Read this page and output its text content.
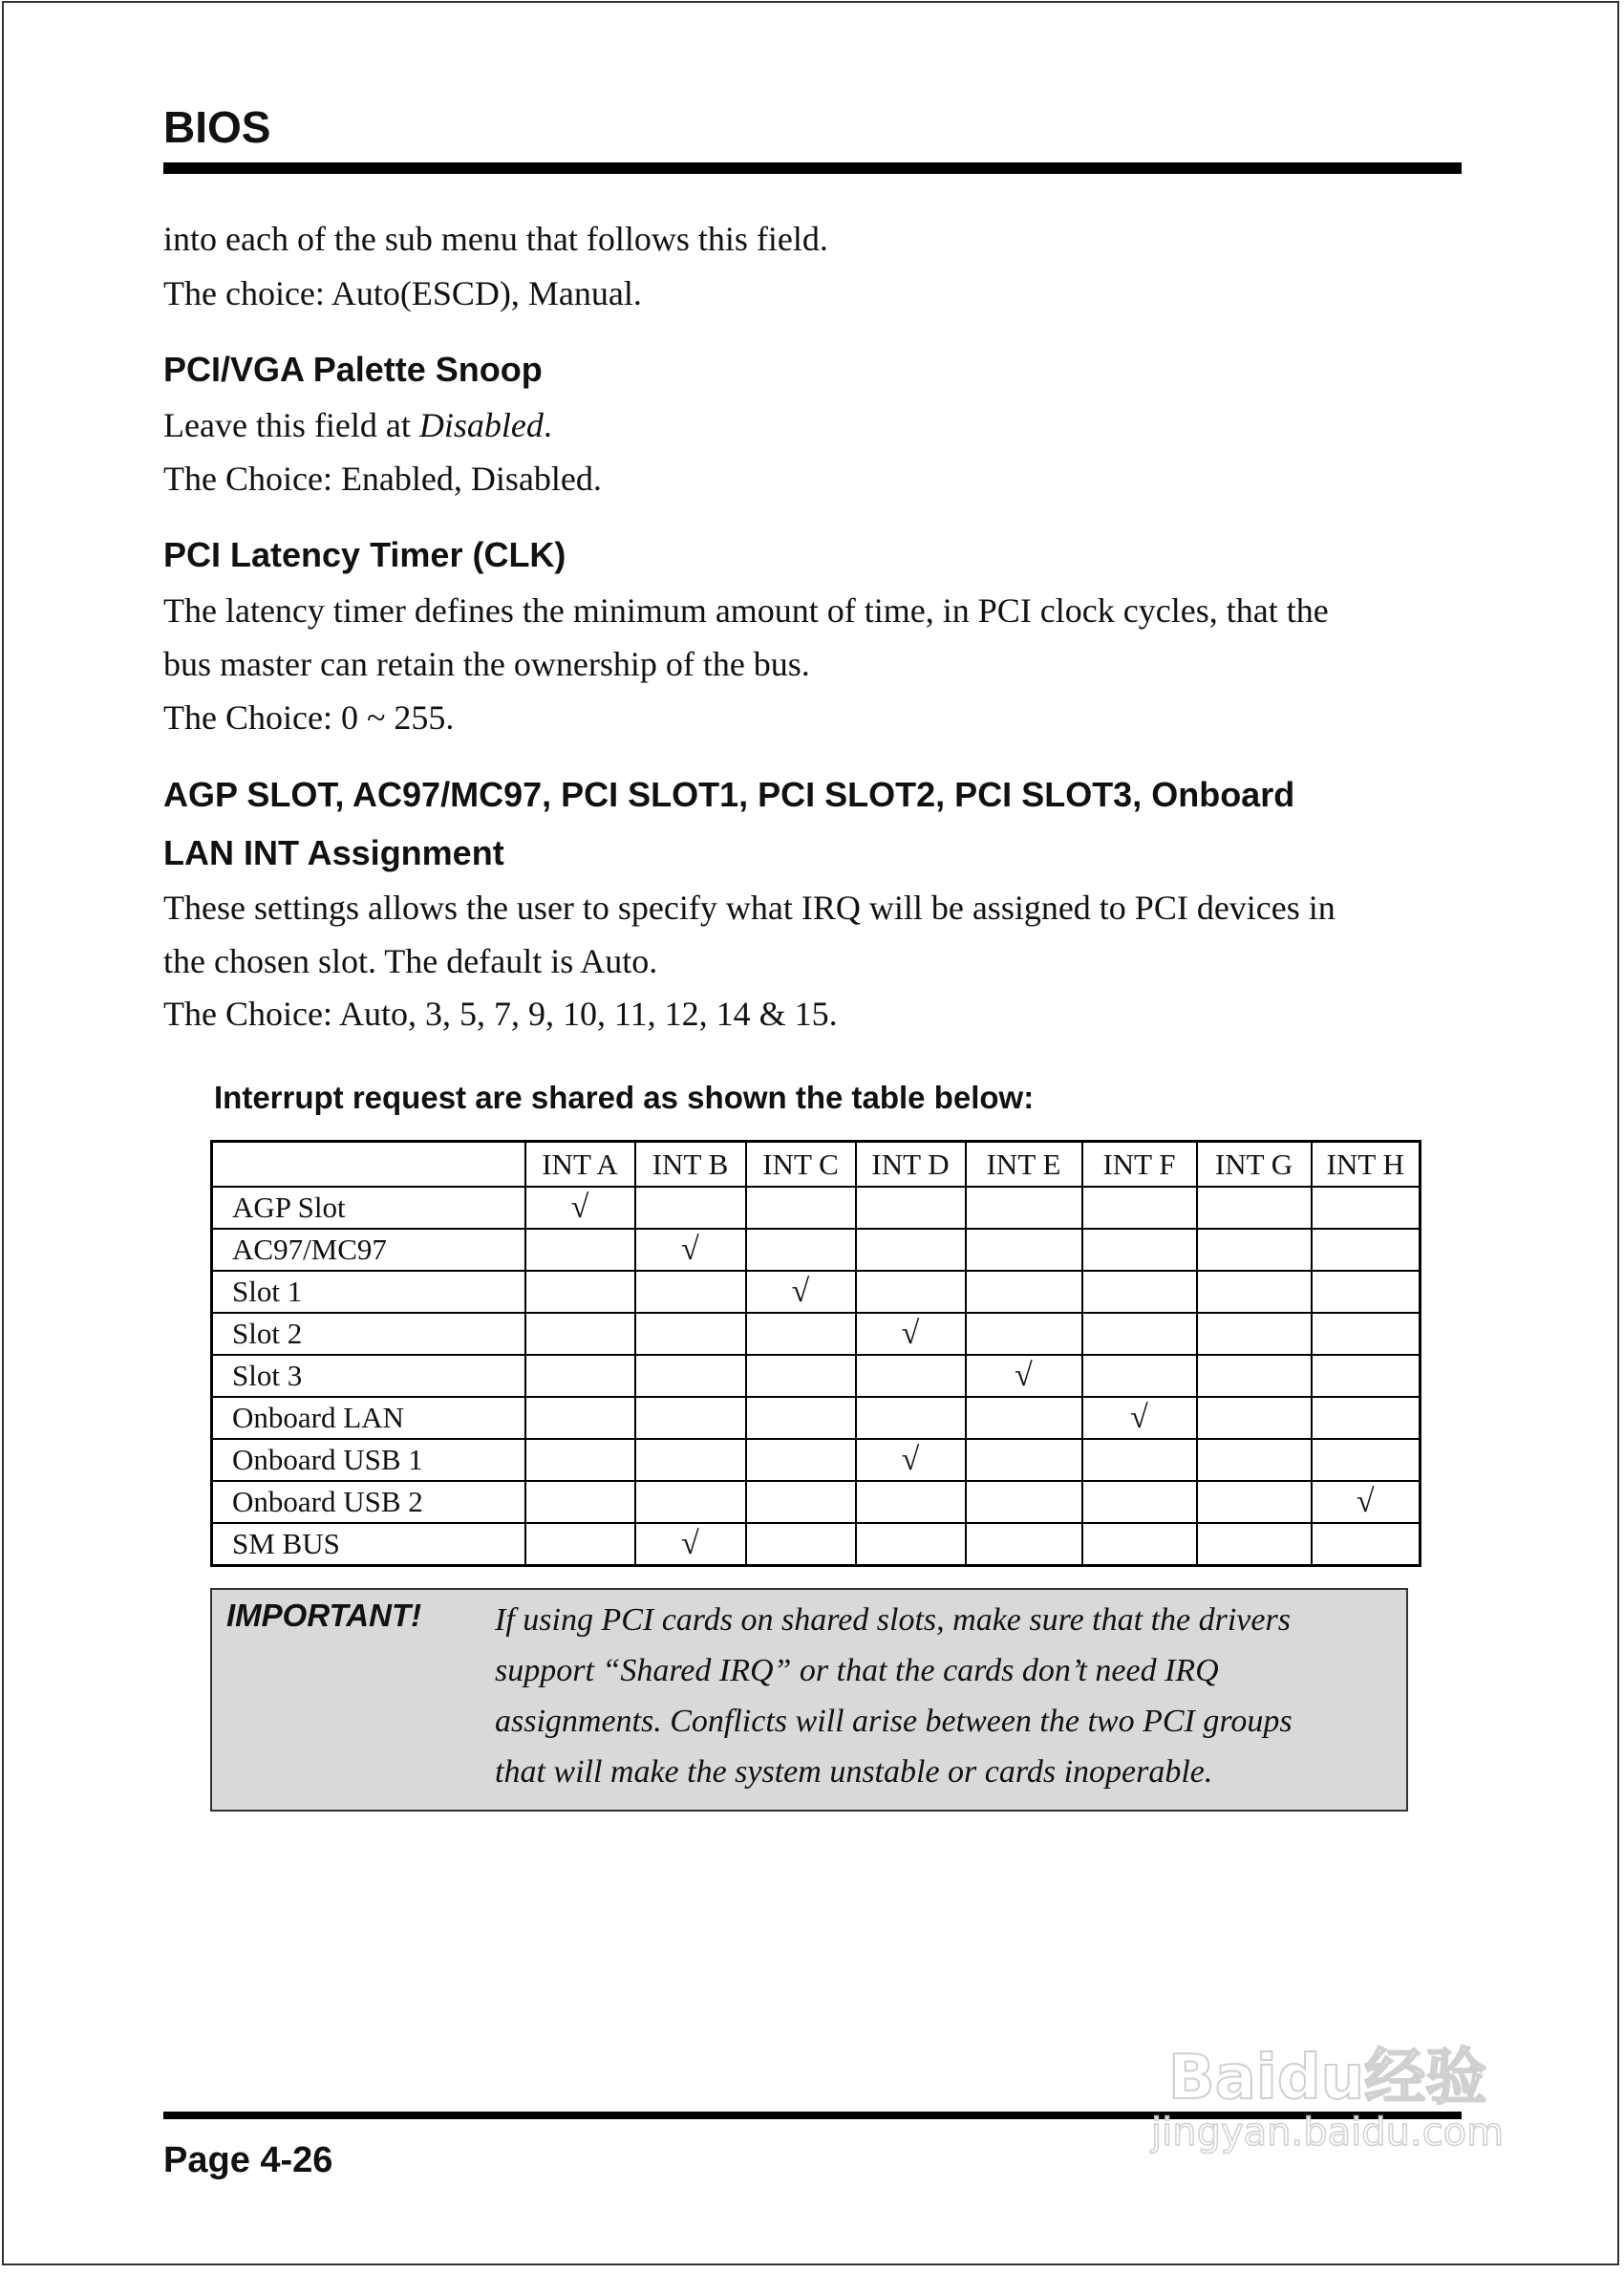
BIOS
into each of the sub menu that follows this field.
The choice: Auto(ESCD), Manual.
PCI/VGA Palette Snoop
Leave this field at Disabled.
The Choice: Enabled, Disabled.
PCI Latency Timer (CLK)
The latency timer defines the minimum amount of time, in PCI clock cycles, that the
bus master can retain the ownership of the bus.
The Choice: 0 ~ 255.
AGP SLOT, AC97/MC97, PCI SLOT1, PCI SLOT2, PCI SLOT3, Onboard
LAN INT Assignment
These settings allows the user to specify what IRQ will be assigned to PCI devices in
the chosen slot. The default is Auto.
The Choice: Auto, 3, 5, 7, 9, 10, 11, 12, 14 & 15.
Interrupt request are shared as shown the table below:
	INT A	INT B	INT C	INT D	INT E	INT F	INT G	INT H
AGP Slot	√							
AC97/MC97		√						
Slot 1			√					
Slot 2				√				
Slot 3					√			
Onboard LAN						√		
Onboard USB 1				√				
Onboard USB 2								√
SM BUS		√						
IMPORTANT! If using PCI cards on shared slots, make sure that the drivers
support “Shared IRQ” or that the cards don’t need IRQ
assignments. Conflicts will arise between the two PCI groups
that will make the system unstable or cards inoperable.
Page 4-26
Baidu经验
jingyan.baidu.com
